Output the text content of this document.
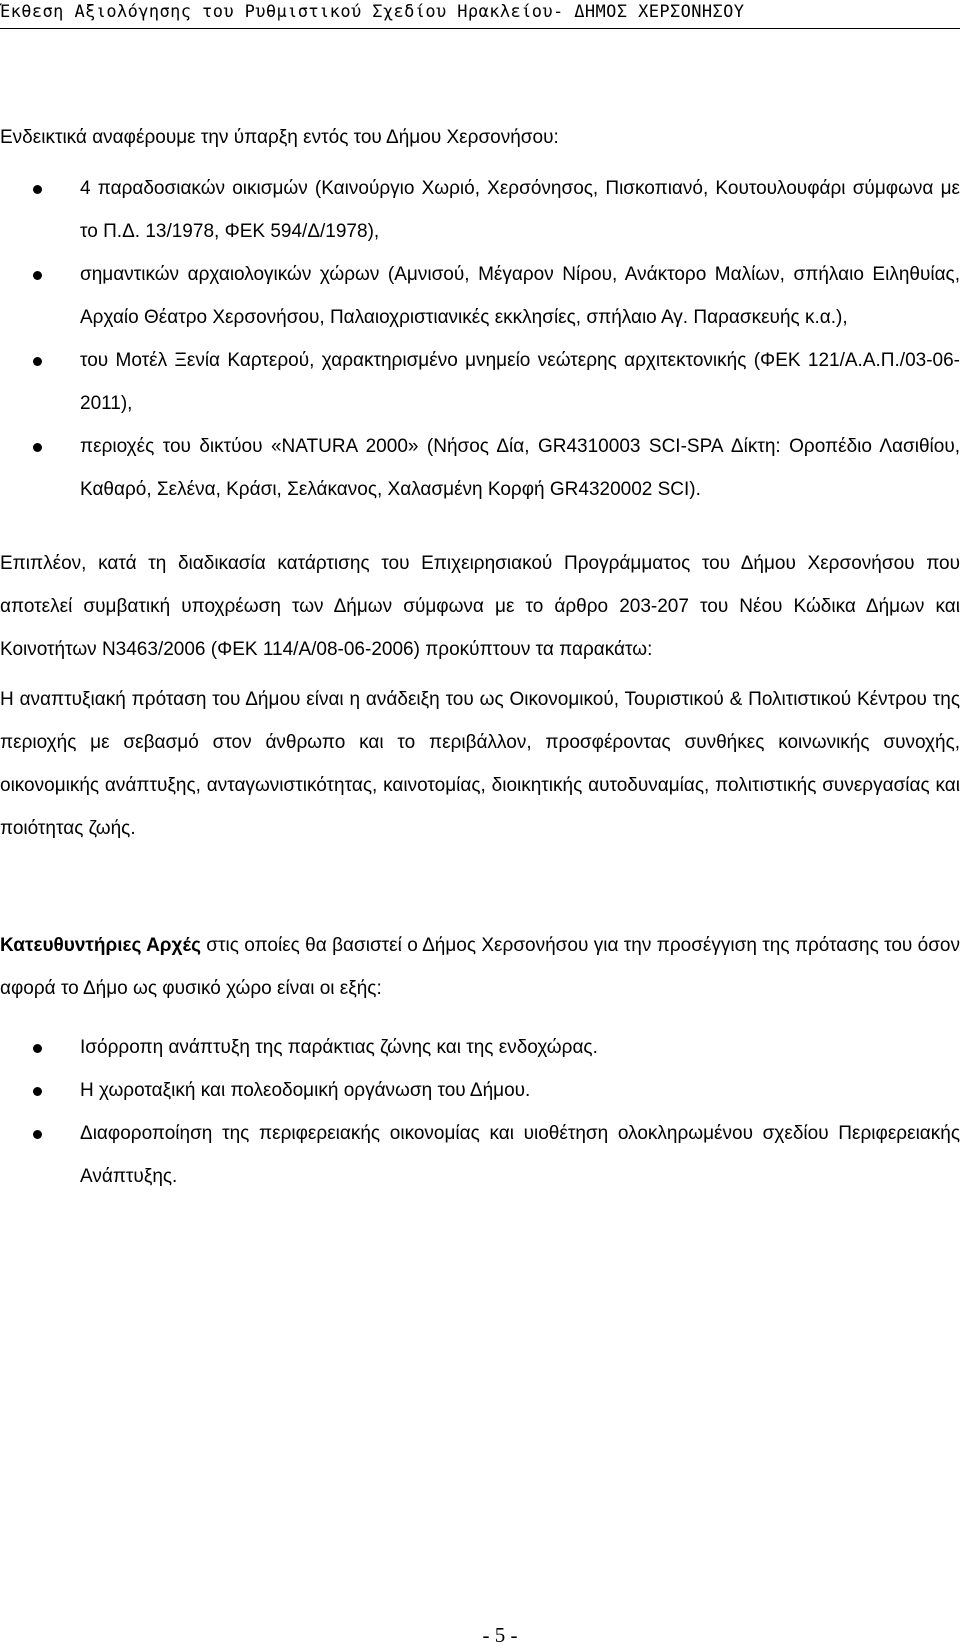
Έκθεση Αξιολόγησης του Ρυθμιστικού Σχεδίου Ηρακλείου- ΔΗΜΟΣ ΧΕΡΣΟΝΗΣΟΥ

Ενδεικτικά αναφέρουμε την ύπαρξη εντός του Δήμου Χερσονήσου:

4 παραδοσιακών οικισμών (Καινούργιο Χωριό, Χερσόνησος, Πισκοπιανό, Κουτουλουφάρι σύμφωνα με το Π.Δ. 13/1978, ΦΕΚ 594/Δ/1978),
σημαντικών αρχαιολογικών χώρων (Αμνισού, Μέγαρον Νίρου, Ανάκτορο Μαλίων, σπήλαιο Ειληθυίας, Αρχαίο Θέατρο Χερσονήσου, Παλαιοχριστιανικές εκκλησίες, σπήλαιο Αγ. Παρασκευής κ.α.),
του Μοτέλ Ξενία Καρτερού, χαρακτηρισμένο μνημείο νεώτερης αρχιτεκτονικής (ΦΕΚ 121/Α.Α.Π./03-06-2011),
περιοχές του δικτύου «NATURA 2000» (Νήσος Δία, GR4310003 SCI-SPA Δίκτη: Οροπέδιο Λασιθίου, Καθαρό, Σελένα, Κράσι, Σελάκανος, Χαλασμένη Κορφή GR4320002 SCI).

Επιπλέον, κατά τη διαδικασία κατάρτισης του Επιχειρησιακού Προγράμματος του Δήμου Χερσονήσου που αποτελεί συμβατική υποχρέωση των Δήμων σύμφωνα με το άρθρο 203-207 του Νέου Κώδικα Δήμων και Κοινοτήτων Ν3463/2006 (ΦΕΚ 114/Α/08-06-2006) προκύπτουν τα παρακάτω:

Η αναπτυξιακή πρόταση του Δήμου είναι η ανάδειξη του ως Οικονομικού, Τουριστικού & Πολιτιστικού Κέντρου της περιοχής με σεβασμό στον άνθρωπο και το περιβάλλον, προσφέροντας συνθήκες κοινωνικής συνοχής, οικονομικής ανάπτυξης, ανταγωνιστικότητας, καινοτομίας, διοικητικής αυτοδυναμίας, πολιτιστικής συνεργασίας και ποιότητας ζωής.

Κατευθυντήριες Αρχές στις οποίες θα βασιστεί ο Δήμος Χερσονήσου για την προσέγγιση της πρότασης του όσον αφορά το Δήμο ως φυσικό χώρο είναι οι εξής:

Ισόρροπη ανάπτυξη της παράκτιας ζώνης και της ενδοχώρας.
Η χωροταξική και πολεοδομική οργάνωση του Δήμου.
Διαφοροποίηση της περιφερειακής οικονομίας και υιοθέτηση ολοκληρωμένου σχεδίου Περιφερειακής Ανάπτυξης.
- 5 -
